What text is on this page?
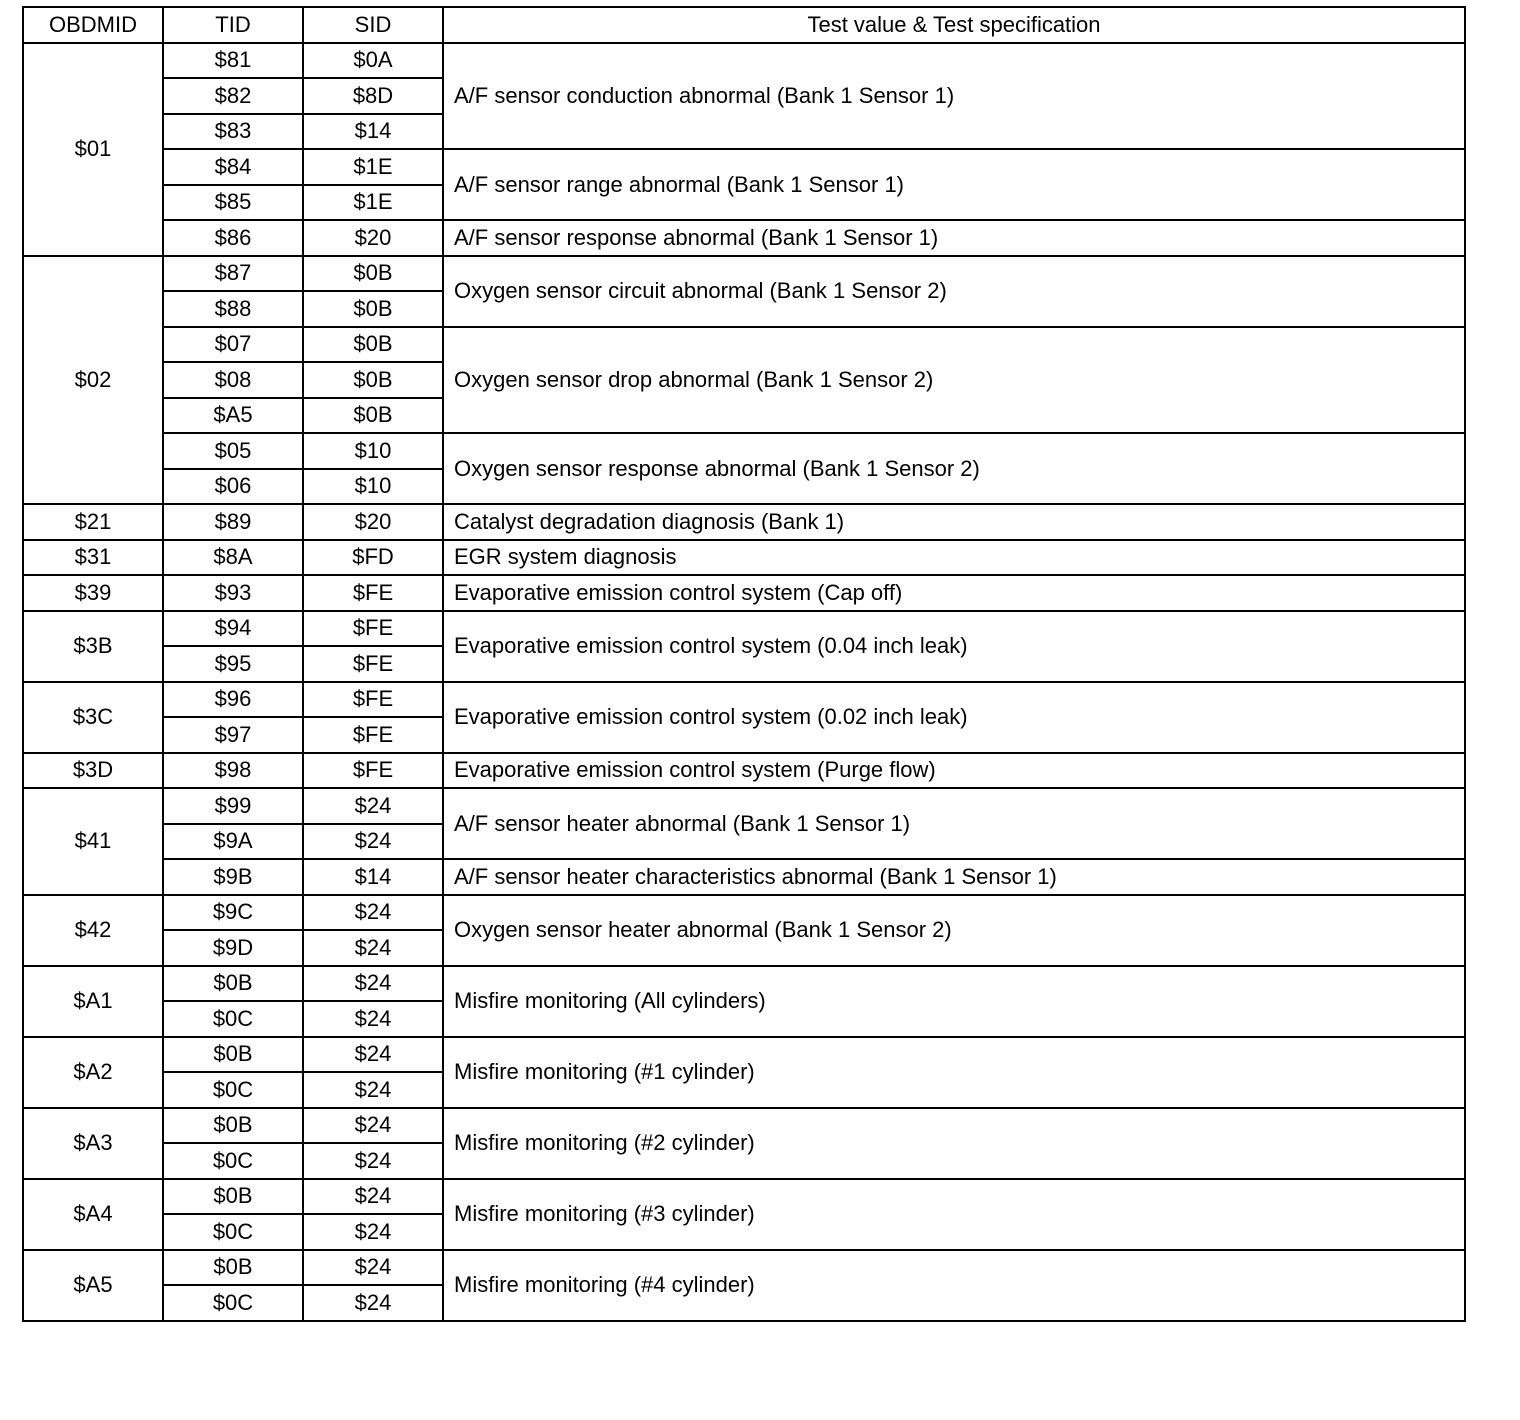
OBDMID	TID	SID	Test value & Test specification
$01	$81	$0A	A/F sensor conduction abnormal (Bank 1 Sensor 1)
	$82	$8D	
	$83	$14	
	$84	$1E	A/F sensor range abnormal (Bank 1 Sensor 1)
	$85	$1E	
	$86	$20	A/F sensor response abnormal (Bank 1 Sensor 1)
$02	$87	$0B	Oxygen sensor circuit abnormal (Bank 1 Sensor 2)
	$88	$0B	
	$07	$0B	Oxygen sensor drop abnormal (Bank 1 Sensor 2)
	$08	$0B	
	$A5	$0B	
	$05	$10	Oxygen sensor response abnormal (Bank 1 Sensor 2)
	$06	$10	
$21	$89	$20	Catalyst degradation diagnosis (Bank 1)
$31	$8A	$FD	EGR system diagnosis
$39	$93	$FE	Evaporative emission control system (Cap off)
$3B	$94	$FE	Evaporative emission control system (0.04 inch leak)
	$95	$FE	
$3C	$96	$FE	Evaporative emission control system (0.02 inch leak)
	$97	$FE	
$3D	$98	$FE	Evaporative emission control system (Purge flow)
$41	$99	$24	A/F sensor heater abnormal (Bank 1 Sensor 1)
	$9A	$24	
	$9B	$14	A/F sensor heater characteristics abnormal (Bank 1 Sensor 1)
$42	$9C	$24	Oxygen sensor heater abnormal (Bank 1 Sensor 2)
	$9D	$24	
$A1	$0B	$24	Misfire monitoring (All cylinders)
	$0C	$24	
$A2	$0B	$24	Misfire monitoring (#1 cylinder)
	$0C	$24	
$A3	$0B	$24	Misfire monitoring (#2 cylinder)
	$0C	$24	
$A4	$0B	$24	Misfire monitoring (#3 cylinder)
	$0C	$24	
$A5	$0B	$24	Misfire monitoring (#4 cylinder)
	$0C	$24	
